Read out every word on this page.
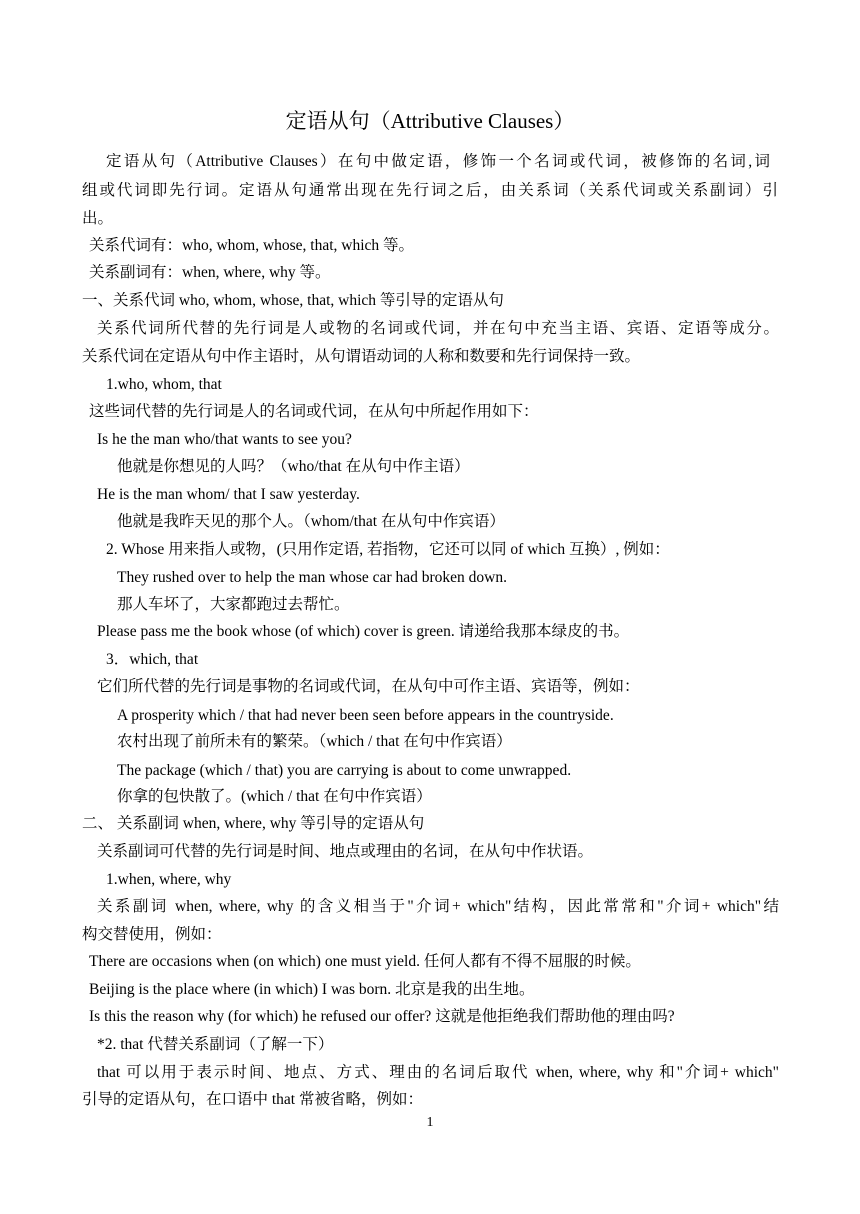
定语从句（Attributive Clauses）
定语从句（Attributive Clauses）在句中做定语，修饰一个名词或代词，被修饰的名词,词
组或代词即先行词。定语从句通常出现在先行词之后，由关系词（关系代词或关系副词）引
出。
关系代词有：who, whom, whose, that, which 等。
关系副词有：when, where, why 等。
一、关系代词 who, whom, whose, that, which 等引导的定语从句
关系代词所代替的先行词是人或物的名词或代词，并在句中充当主语、宾语、定语等成分。
关系代词在定语从句中作主语时，从句谓语动词的人称和数要和先行词保持一致。
1.who, whom, that
这些词代替的先行词是人的名词或代词，在从句中所起作用如下：
Is he the man who/that wants to see you?
他就是你想见的人吗？（who/that 在从句中作主语）
He is the man whom/ that I saw yesterday.
他就是我昨天见的那个人。（whom/that 在从句中作宾语）
2. Whose 用来指人或物，(只用作定语, 若指物，它还可以同 of which 互换）, 例如：
They rushed over to help the man whose car had broken down.
那人车坏了，大家都跑过去帮忙。
Please pass me the book whose (of which) cover is green. 请递给我那本绿皮的书。
3．which, that
它们所代替的先行词是事物的名词或代词，在从句中可作主语、宾语等，例如：
A prosperity which / that had never been seen before appears in the countryside.
农村出现了前所未有的繁荣。（which / that 在句中作宾语）
The package (which / that) you are carrying is about to come unwrapped.
你拿的包快散了。(which / that 在句中作宾语）
二、 关系副词 when, where, why 等引导的定语从句
关系副词可代替的先行词是时间、地点或理由的名词，在从句中作状语。
1.when, where, why
关系副词 when, where, why 的含义相当于"介词+ which"结构，因此常常和"介词+ which"结
构交替使用，例如：
There are occasions when (on which) one must yield. 任何人都有不得不屈服的时候。
Beijing is the place where (in which) I was born. 北京是我的出生地。
Is this the reason why (for which) he refused our offer? 这就是他拒绝我们帮助他的理由吗?
*2. that 代替关系副词（了解一下）
that 可以用于表示时间、地点、方式、理由的名词后取代 when, where, why 和"介词+ which"
引导的定语从句，在口语中 that 常被省略，例如：
1
